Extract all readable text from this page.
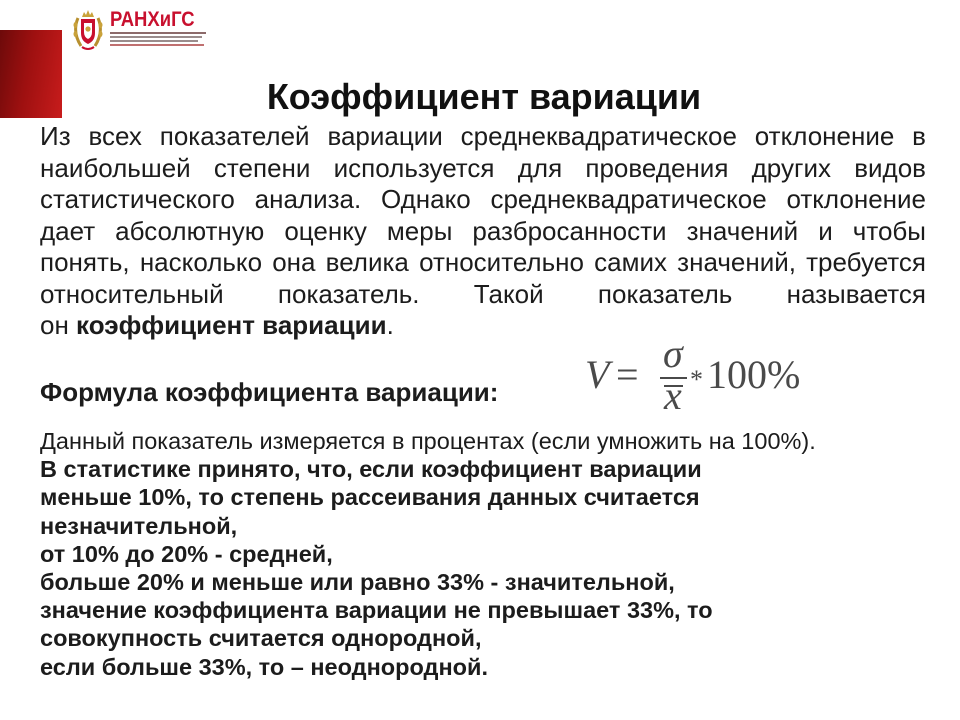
РАНХиГС
Коэффициент вариации
Из всех показателей вариации среднеквадратическое отклонение в
наибольшей степени используется для проведения других видов
статистического анализа. Однако среднеквадратическое отклонение
дает абсолютную оценку меры разбросанности значений и чтобы
понять, насколько она велика относительно самих значений, требуется
относительный показатель. Такой показатель называется
он коэффициент вариации.
Формула коэффициента вариации: V = σ
x * 100%
Данный показатель измеряется в процентах (если умножить на 100%).
В статистике принято, что, если коэффициент вариации
меньше 10%, то степень рассеивания данных считается
незначительной,
от 10% до 20% - средней,
больше 20% и меньше или равно 33% - значительной,
значение коэффициента вариации не превышает 33%, то
совокупность считается однородной,
если больше 33%, то – неоднородной.
